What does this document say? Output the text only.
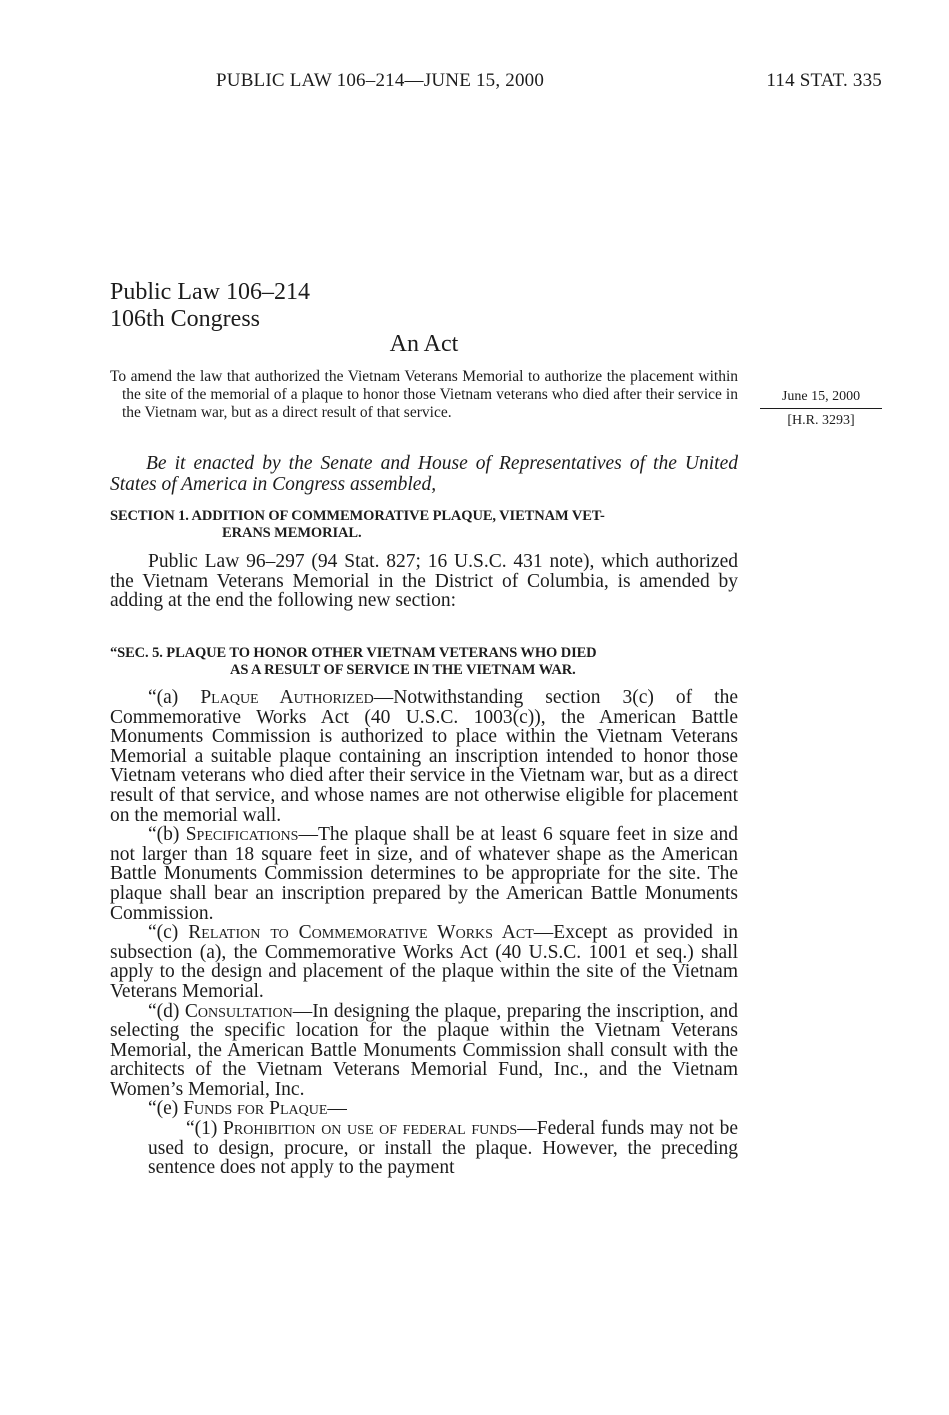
PUBLIC LAW 106–214—JUNE 15, 2000	114 STAT. 335
Public Law 106–214
106th Congress
An Act
To amend the law that authorized the Vietnam Veterans Memorial to authorize the placement within the site of the memorial of a plaque to honor those Vietnam veterans who died after their service in the Vietnam war, but as a direct result of that service.
June 15, 2000
[H.R. 3293]
Be it enacted by the Senate and House of Representatives of the United States of America in Congress assembled,
SECTION 1. ADDITION OF COMMEMORATIVE PLAQUE, VIETNAM VET-
ERANS MEMORIAL.

Public Law 96–297 (94 Stat. 827; 16 U.S.C. 431 note), which authorized the Vietnam Veterans Memorial in the District of Columbia, is amended by adding at the end the following new section:

“SEC. 5. PLAQUE TO HONOR OTHER VIETNAM VETERANS WHO DIED
AS A RESULT OF SERVICE IN THE VIETNAM WAR.

“(a) Plaque Authorized—Notwithstanding section 3(c) of the Commemorative Works Act (40 U.S.C. 1003(c)), the American Battle Monuments Commission is authorized to place within the Vietnam Veterans Memorial a suitable plaque containing an inscription intended to honor those Vietnam veterans who died after their service in the Vietnam war, but as a direct result of that service, and whose names are not otherwise eligible for placement on the memorial wall.

“(b) Specifications—The plaque shall be at least 6 square feet in size and not larger than 18 square feet in size, and of whatever shape as the American Battle Monuments Commission determines to be appropriate for the site. The plaque shall bear an inscription prepared by the American Battle Monuments Commission.

“(c) Relation to Commemorative Works Act—Except as provided in subsection (a), the Commemorative Works Act (40 U.S.C. 1001 et seq.) shall apply to the design and placement of the plaque within the site of the Vietnam Veterans Memorial.

“(d) Consultation—In designing the plaque, preparing the inscription, and selecting the specific location for the plaque within the Vietnam Veterans Memorial, the American Battle Monuments Commission shall consult with the architects of the Vietnam Veterans Memorial Fund, Inc., and the Vietnam Women’s Memorial, Inc.

“(e) Funds for Plaque—

“(1) Prohibition on use of federal funds—Federal funds may not be used to design, procure, or install the plaque. However, the preceding sentence does not apply to the payment
